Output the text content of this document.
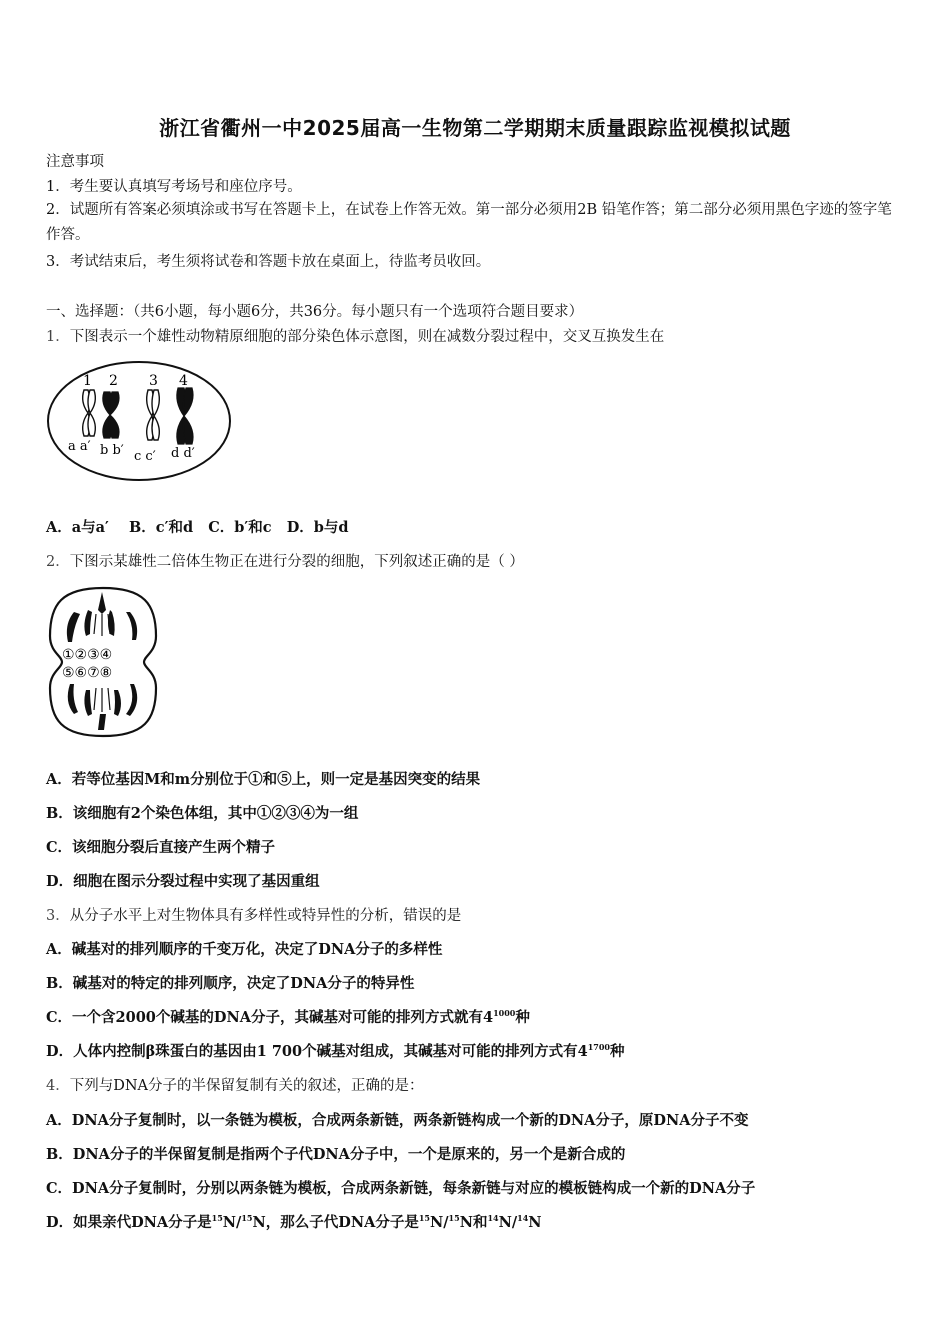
浙江省衢州一中2025届高一生物第二学期期末质量跟踪监视模拟试题
注意事项
1．考生要认真填写考场号和座位序号。
2．试题所有答案必须填涂或书写在答题卡上，在试卷上作答无效。第一部分必须用2B 铅笔作答；第二部分必须用黑色字迹的签字笔作答。
3．考试结束后，考生须将试卷和答题卡放在桌面上，待监考员收回。
一、选择题：（共6小题，每小题6分，共36分。每小题只有一个选项符合题目要求）
1．下图表示一个雄性动物精原细胞的部分染色体示意图，则在减数分裂过程中，交叉互换发生在
1 2 3 4
a a′ b b′ c c′ d d′
A．a与a′    B．c′和d   C．b′和c   D．b与d
2．下图示某雄性二倍体生物正在进行分裂的细胞，下列叙述正确的是（ ）
①②③④
⑤⑥⑦⑧
A．若等位基因M和m分别位于①和⑤上，则一定是基因突变的结果
B．该细胞有2个染色体组，其中①②③④为一组
C．该细胞分裂后直接产生两个精子
D．细胞在图示分裂过程中实现了基因重组
3．从分子水平上对生物体具有多样性或特异性的分析，错误的是
A．碱基对的排列顺序的千变万化，决定了DNA分子的多样性
B．碱基对的特定的排列顺序，决定了DNA分子的特异性
C．一个含2000个碱基的DNA分子，其碱基对可能的排列方式就有$4^{1000}$种
D．人体内控制β珠蛋白的基因由1 700个碱基对组成，其碱基对可能的排列方式有$4^{1700}$种
4．下列与DNA分子的半保留复制有关的叙述，正确的是：
A．DNA分子复制时，以一条链为模板，合成两条新链，两条新链构成一个新的DNA分子，原DNA分子不变
B．DNA分子的半保留复制是指两个子代DNA分子中，一个是原来的，另一个是新合成的
C．DNA分子复制时，分别以两条链为模板，合成两条新链，每条新链与对应的模板链构成一个新的DNA分子
D．如果亲代DNA分子是$^{15}$N/$^{15}$N，那么子代DNA分子是$^{15}$N/$^{15}$N和$^{14}$N/$^{14}$N
